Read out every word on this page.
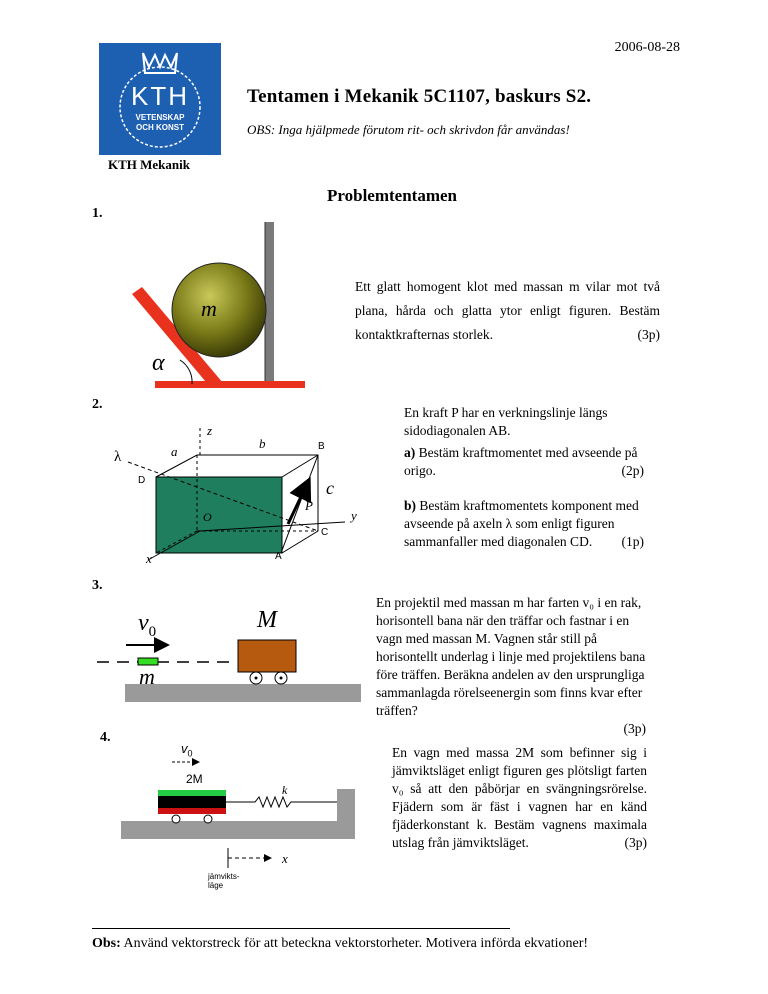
KTH
VETENSKAP
OCH KONST
2006-08-28
Tentamen i Mekanik 5C1107, baskurs S2.
OBS: Inga hjälpmede förutom rit- och skrivdon får användas!
KTH Mekanik
Problemtentamen
1.
m
α
Ett glatt homogent klot med massan m vilar mot två plana, hårda och glatta ytor enligt figuren. Bestäm kontaktkrafternas storlek.	(3p)
2.
z
y
x
a
b
c
A
B
C
D
O
P
λ
En kraft P har en verkningslinje längs sidodiagonalen AB.
a) Bestäm kraftmomentet med avseende på origo.	(2p)
b) Bestäm kraftmomentets komponent med avseende på axeln λ som enligt figuren sammanfaller med diagonalen CD.	(1p)
3.
$v_0$	M
m
En projektil med massan m har farten v₀ i en rak, horisontell bana när den träffar och fastnar i en vagn med massan M. Vagnen står still på horisontellt underlag i linje med projektilens bana före träffen. Beräkna andelen av den ursprungliga sammanlagda rörelseenergin som finns kvar efter träffen?
(3p)
4.
$v_0$
2M
k
x
jämvikts-
läge
En vagn med massa 2M som befinner sig i jämviktsläget enligt figuren ges plötsligt farten v₀ så att den påbörjar en svängningsrörelse. Fjädern som är fäst i vagnen har en känd fjäderkonstant k. Bestäm vagnens maximala utslag från jämviktsläget.	(3p)
Obs: Använd vektorstreck för att beteckna vektorstorheter. Motivera införda ekvationer!
